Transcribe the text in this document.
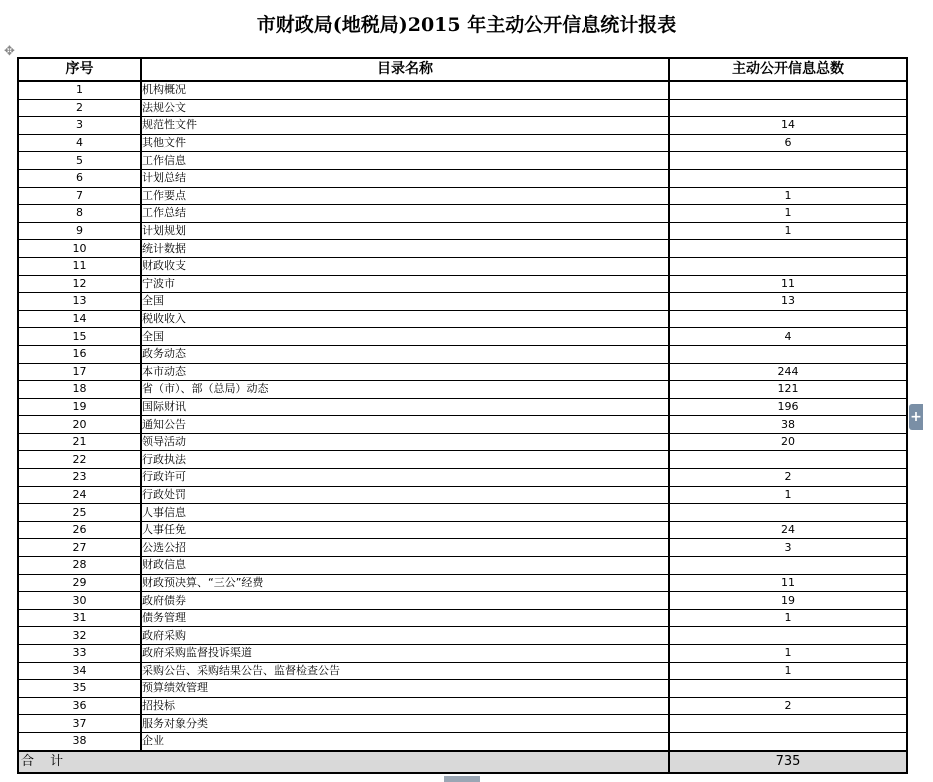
市财政局(地税局)2015 年主动公开信息统计报表
✥
序号	目录名称	主动公开信息总数
1	机构概况	
2	法规公文	
3	规范性文件	14
4	其他文件	6
5	工作信息	
6	计划总结	
7	工作要点	1
8	工作总结	1
9	计划规划	1
10	统计数据	
11	财政收支	
12	宁波市	11
13	全国	13
14	税收收入	
15	全国	4
16	政务动态	
17	本市动态	244
18	省（市）、部（总局）动态	121
19	国际财讯	196
20	通知公告	38
21	领导活动	20
22	行政执法	
23	行政许可	2
24	行政处罚	1
25	人事信息	
26	人事任免	24
27	公选公招	3
28	财政信息	
29	财政预决算、“三公”经费	11
30	政府债券	19
31	债务管理	1
32	政府采购	
33	政府采购监督投诉渠道	1
34	采购公告、采购结果公告、监督检查公告	1
35	预算绩效管理	
36	招投标	2
37	服务对象分类	
38	企业	
合 计		735
+
